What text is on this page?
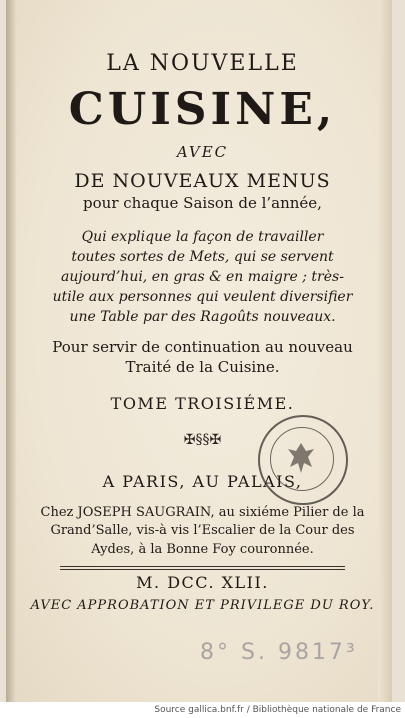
LA NOUVELLE
CUISINE,
AVEC
DE NOUVEAUX MENUS
pour chaque Saison de l’année,
Qui explique la façon de travailler
toutes sortes de Mets, qui se servent
aujourd’hui, en gras & en maigre ; très-
utile aux personnes qui veulent diversifier
une Table par des Ragoûts nouveaux.
Pour servir de continuation au nouveau
Traité de la Cuisine.
TOME TROISIÉME.
✠§§✠
A PARIS, AU PALAIS,
Chez JOSEPH SAUGRAIN, au sixiéme Pilier de la
Grand’Salle, vis-à vis l’Escalier de la Cour des
Aydes, à la Bonne Foy couronnée.
M. DCC. XLII.
AVEC APPROBATION ET PRIVILEGE DU ROY.
8° S. 9817³
Source gallica.bnf.fr / Bibliothèque nationale de France
